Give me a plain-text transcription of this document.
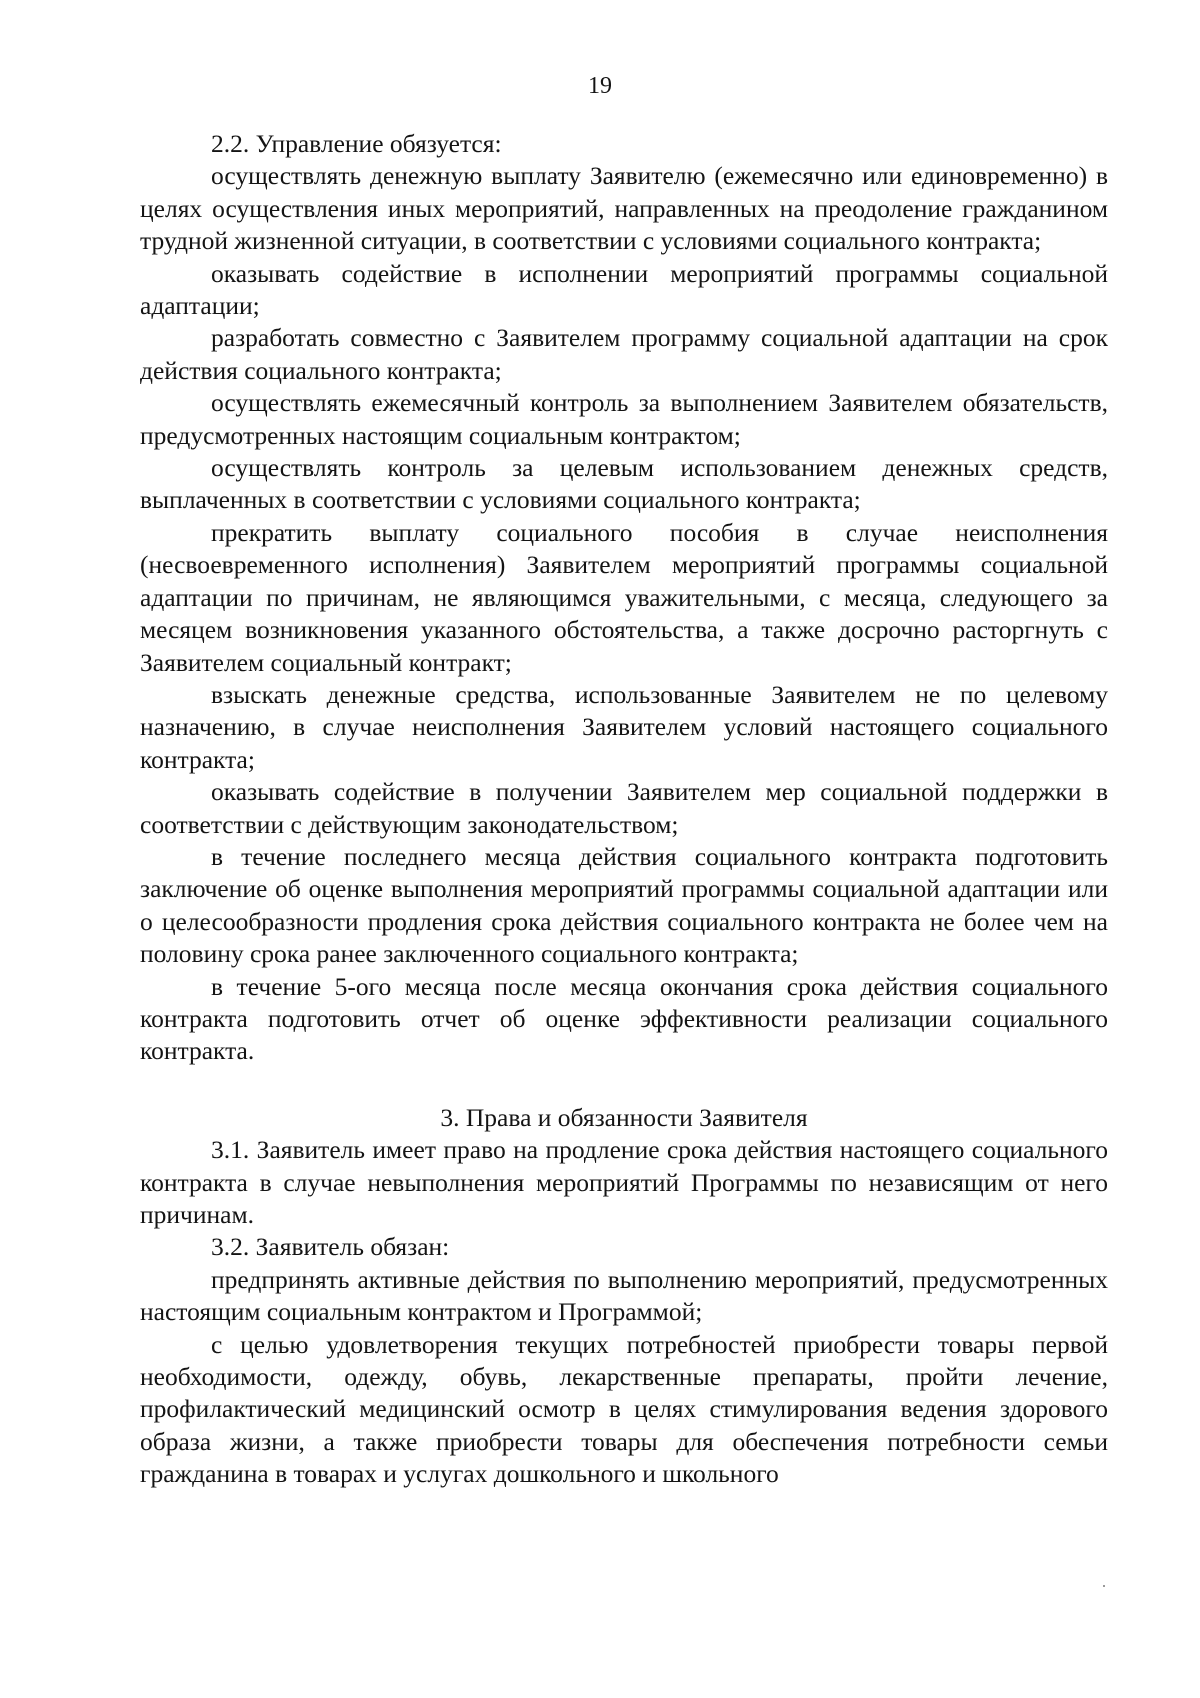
19

2.2. Управление обязуется:

осуществлять денежную выплату Заявителю (ежемесячно или единовременно) в целях осуществления иных мероприятий, направленных на преодоление гражданином трудной жизненной ситуации, в соответствии с условиями социального контракта;

оказывать содействие в исполнении мероприятий программы социальной адаптации;

разработать совместно с Заявителем программу социальной адаптации на срок действия социального контракта;

осуществлять ежемесячный контроль за выполнением Заявителем обязательств, предусмотренных настоящим социальным контрактом;

осуществлять контроль за целевым использованием денежных средств, выплаченных в соответствии с условиями социального контракта;

прекратить выплату социального пособия в случае неисполнения (несвоевременного исполнения) Заявителем мероприятий программы социальной адаптации по причинам, не являющимся уважительными, с месяца, следующего за месяцем возникновения указанного обстоятельства, а также досрочно расторгнуть с Заявителем социальный контракт;

взыскать денежные средства, использованные Заявителем не по целевому назначению, в случае неисполнения Заявителем условий настоящего социального контракта;

оказывать содействие в получении Заявителем мер социальной поддержки в соответствии с действующим законодательством;

в течение последнего месяца действия социального контракта подготовить заключение об оценке выполнения мероприятий программы социальной адаптации или о целесообразности продления срока действия социального контракта не более чем на половину срока ранее заключенного социального контракта;

в течение 5-ого месяца после месяца окончания срока действия социального контракта подготовить отчет об оценке эффективности реализации социального контракта.

3. Права и обязанности Заявителя

3.1. Заявитель имеет право на продление срока действия настоящего социального контракта в случае невыполнения мероприятий Программы по независящим от него причинам.

3.2. Заявитель обязан:

предпринять активные действия по выполнению мероприятий, предусмотренных настоящим социальным контрактом и Программой;

с целью удовлетворения текущих потребностей приобрести товары первой необходимости, одежду, обувь, лекарственные препараты, пройти лечение, профилактический медицинский осмотр в целях стимулирования ведения здорового образа жизни, а также приобрести товары для обеспечения потребности семьи гражданина в товарах и услугах дошкольного и школьного
